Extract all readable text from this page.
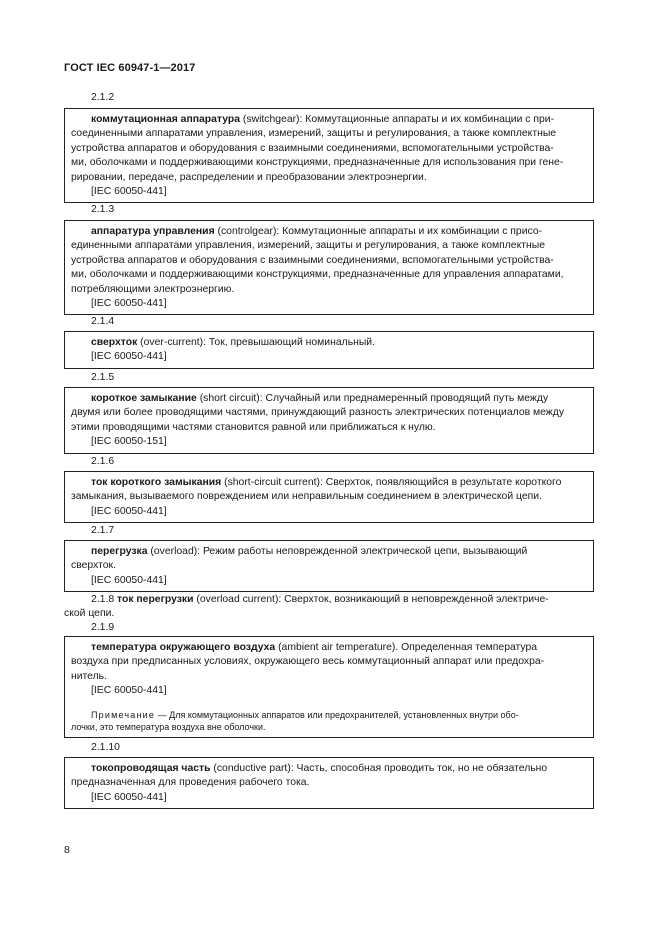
ГОСТ IEC 60947-1—2017
2.1.2

коммутационная аппаратура (switchgear): Коммутационные аппараты и их комбинации с при-

соединенными аппаратами управления, измерений, защиты и регулирования, а также комплектные

устройства аппаратов и оборудования с взаимными соединениями, вспомогательными устройства-

ми, оболочками и поддерживающими конструкциями, предназначенные для использования при гене-

рировании, передаче, распределении и преобразовании электроэнергии.

[IEC 60050-441]

2.1.3

аппаратура управления (controlgear): Коммутационные аппараты и их комбинации с присо-

единенными аппаратами управления, измерений, защиты и регулирования, а также комплектные

устройства аппаратов и оборудования с взаимными соединениями, вспомогательными устройства-

ми, оболочками и поддерживающими конструкциями, предназначенные для управления аппаратами,

потребляющими электроэнергию.

[IEC 60050-441]

2.1.4

сверхток (over-current): Ток, превышающий номинальный.

[IEC 60050-441]

2.1.5

короткое замыкание (short circuit): Случайный или преднамеренный проводящий путь между

двумя или более проводящими частями, принуждающий разность электрических потенциалов между

этими проводящими частями становится равной или приближаться к нулю.

[IEC 60050-151]

2.1.6

ток короткого замыкания (short-circuit current): Сверхток, появляющийся в результате короткого

замыкания, вызываемого повреждением или неправильным соединением в электрической цепи.

[IEC 60050-441]

2.1.7

перегрузка (overload): Режим работы неповрежденной электрической цепи, вызывающий

сверхток.

[IEC 60050-441]

2.1.8 ток перегрузки (overload current): Сверхток, возникающий в неповрежденной электриче-
ской цепи.
2.1.9

температура окружающего воздуха (ambient air temperature). Определенная температура

воздуха при предписанных условиях, окружающего весь коммутационный аппарат или предохра-

нитель.

[IEC 60050-441]

Примечание — Для коммутационных аппаратов или предохранителей, установленных внутри обо-

лочки, это температура воздуха вне оболочки.

2.1.10

токопроводящая часть (conductive part): Часть, способная проводить ток, но не обязательно

предназначенная для проведения рабочего тока.

[IEC 60050-441]

8
